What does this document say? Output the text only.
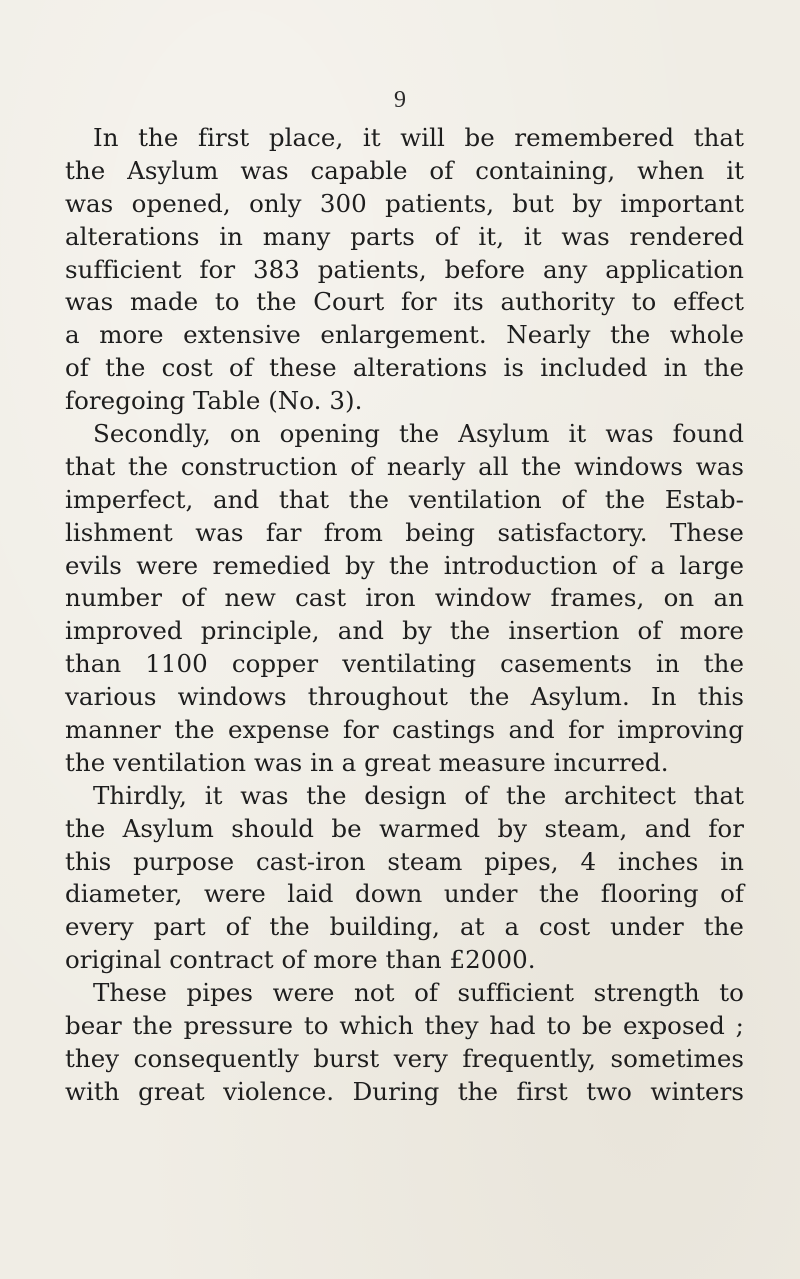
9

In the first place, it will be remembered that
the Asylum was capable of containing, when it
was opened, only 300 patients, but by important
alterations in many parts of it, it was rendered
sufficient for 383 patients, before any application
was made to the Court for its authority to effect
a more extensive enlargement. Nearly the whole
of the cost of these alterations is included in the
foregoing Table (No. 3).
Secondly, on opening the Asylum it was found
that the construction of nearly all the windows was
imperfect, and that the ventilation of the Estab-
lishment was far from being satisfactory. These
evils were remedied by the introduction of a large
number of new cast iron window frames, on an
improved principle, and by the insertion of more
than 1100 copper ventilating casements in the
various windows throughout the Asylum. In this
manner the expense for castings and for improving
the ventilation was in a great measure incurred.
Thirdly, it was the design of the architect that
the Asylum should be warmed by steam, and for
this purpose cast-iron steam pipes, 4 inches in
diameter, were laid down under the flooring of
every part of the building, at a cost under the
original contract of more than £2000.
These pipes were not of sufficient strength to
bear the pressure to which they had to be exposed ;
they consequently burst very frequently, sometimes
with great violence. During the first two winters
